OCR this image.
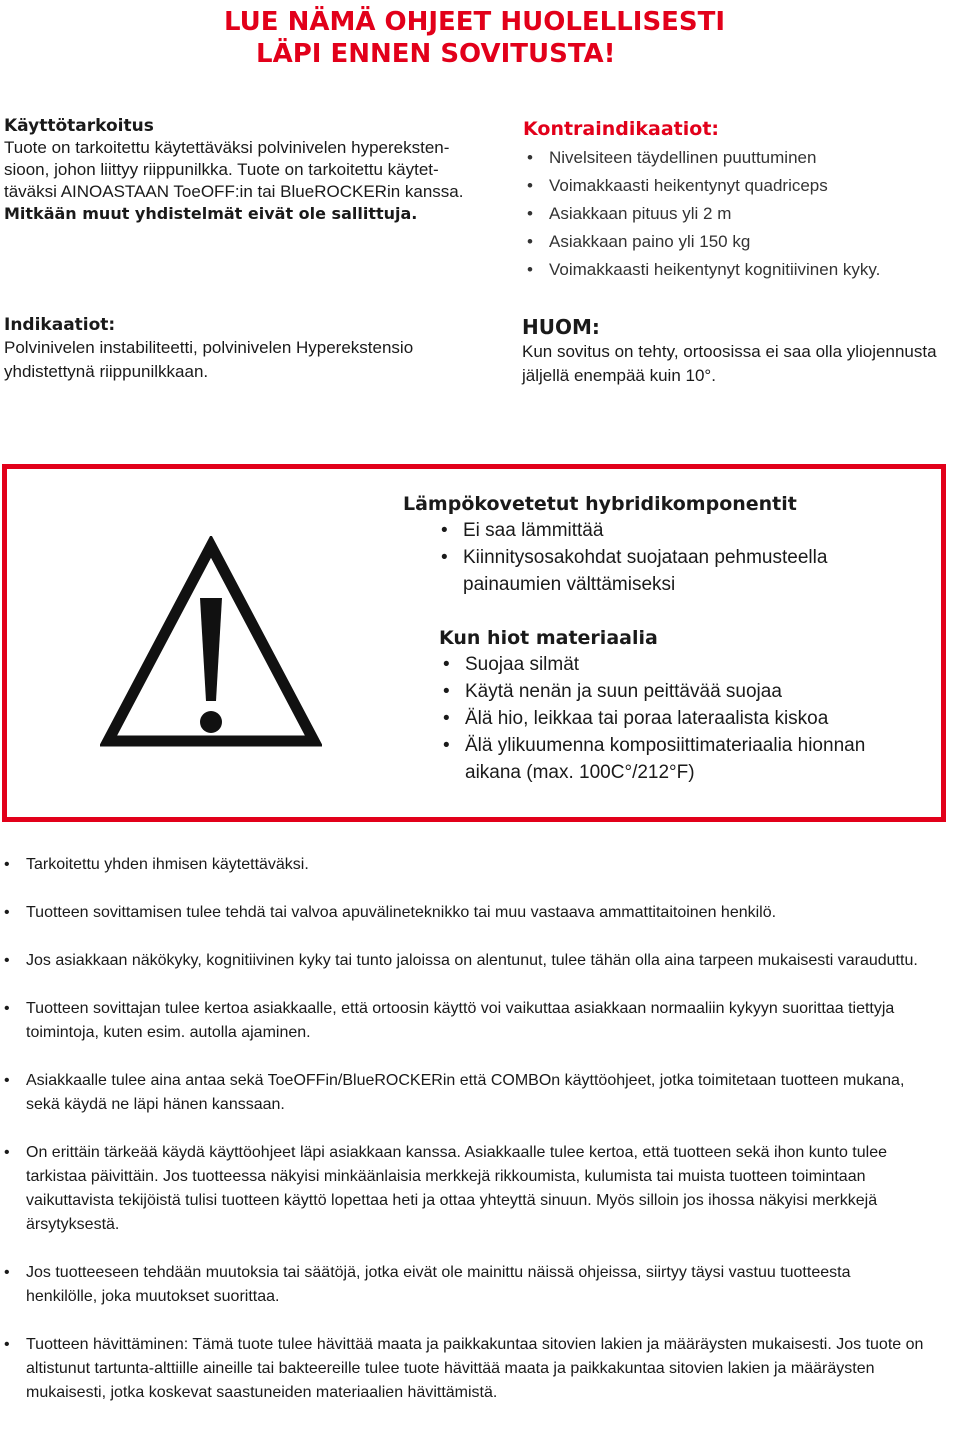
LUE NÄMÄ OHJEET HUOLELLISESTI
LÄPI ENNEN SOVITUSTA!

Käyttötarkoitus

Tuote on tarkoitettu käytettäväksi polvinivelen hypereksten-

sioon, johon liittyy riippunilkka. Tuote on tarkoitettu käytet-

täväksi AINOASTAAN ToeOFF:in tai BlueROCKERin kanssa.

Mitkään muut yhdistelmät eivät ole sallittuja.

Kontraindikaatiot:

• Nivelsiteen täydellinen puuttuminen
• Voimakkaasti heikentynyt quadriceps
• Asiakkaan pituus yli 2 m
• Asiakkaan paino yli 150 kg
• Voimakkaasti heikentynyt kognitiivinen kyky.

Indikaatiot:

Polvinivelen instabiliteetti, polvinivelen Hyperekstensio

yhdistettynä riippunilkkaan.

HUOM:

Kun sovitus on tehty, ortoosissa ei saa olla yliojennusta

jäljellä enempää kuin 10°.

Lämpökovetetut hybridikomponentit

• Ei saa lämmittää
• Kiinnitysosakohdat suojataan pehmusteella painaumien välttämiseksi

Kun hiot materiaalia

• Suojaa silmät
• Käytä nenän ja suun peittävää suojaa
• Älä hio, leikkaa tai poraa lateraalista kiskoa
• Älä ylikuumenna komposiittimateriaalia hionnan aikana (max. 100C°/212°F)
• Tarkoitettu yhden ihmisen käytettäväksi.
• Tuotteen sovittamisen tulee tehdä tai valvoa apuvälineteknikko tai muu vastaava ammattitaitoinen henkilö.
• Jos asiakkaan näkökyky, kognitiivinen kyky tai tunto jaloissa on alentunut, tulee tähän olla aina tarpeen mukaisesti varauduttu.
• Tuotteen sovittajan tulee kertoa asiakkaalle, että ortoosin käyttö voi vaikuttaa asiakkaan normaaliin kykyyn suorittaa tiettyja toimintoja, kuten esim. autolla ajaminen.
• Asiakkaalle tulee aina antaa sekä ToeOFFin/BlueROCKERin että COMBOn käyttöohjeet, jotka toimitetaan tuotteen mukana, sekä käydä ne läpi hänen kanssaan.
• On erittäin tärkeää käydä käyttöohjeet läpi asiakkaan kanssa. Asiakkaalle tulee kertoa, että tuotteen sekä ihon kunto tulee tarkistaa päivittäin. Jos tuotteessa näkyisi minkäänlaisia merkkejä rikkoumista, kulumista tai muista tuotteen toimintaan vaikuttavista tekijöistä tulisi tuotteen käyttö lopettaa heti ja ottaa yhteyttä sinuun. Myös silloin jos ihossa näkyisi merkkejä ärsytyksestä.
• Jos tuotteeseen tehdään muutoksia tai säätöjä, jotka eivät ole mainittu näissä ohjeissa, siirtyy täysi vastuu tuotteesta henkilölle, joka muutokset suorittaa.
• Tuotteen hävittäminen: Tämä tuote tulee hävittää maata ja paikkakuntaa sitovien lakien ja määräysten mukaisesti. Jos tuote on altistunut tartunta-alttiille aineille tai bakteereille tulee tuote hävittää maata ja paikkakuntaa sitovien lakien ja määräysten mukaisesti, jotka koskevat saastuneiden materiaalien hävittämistä.
